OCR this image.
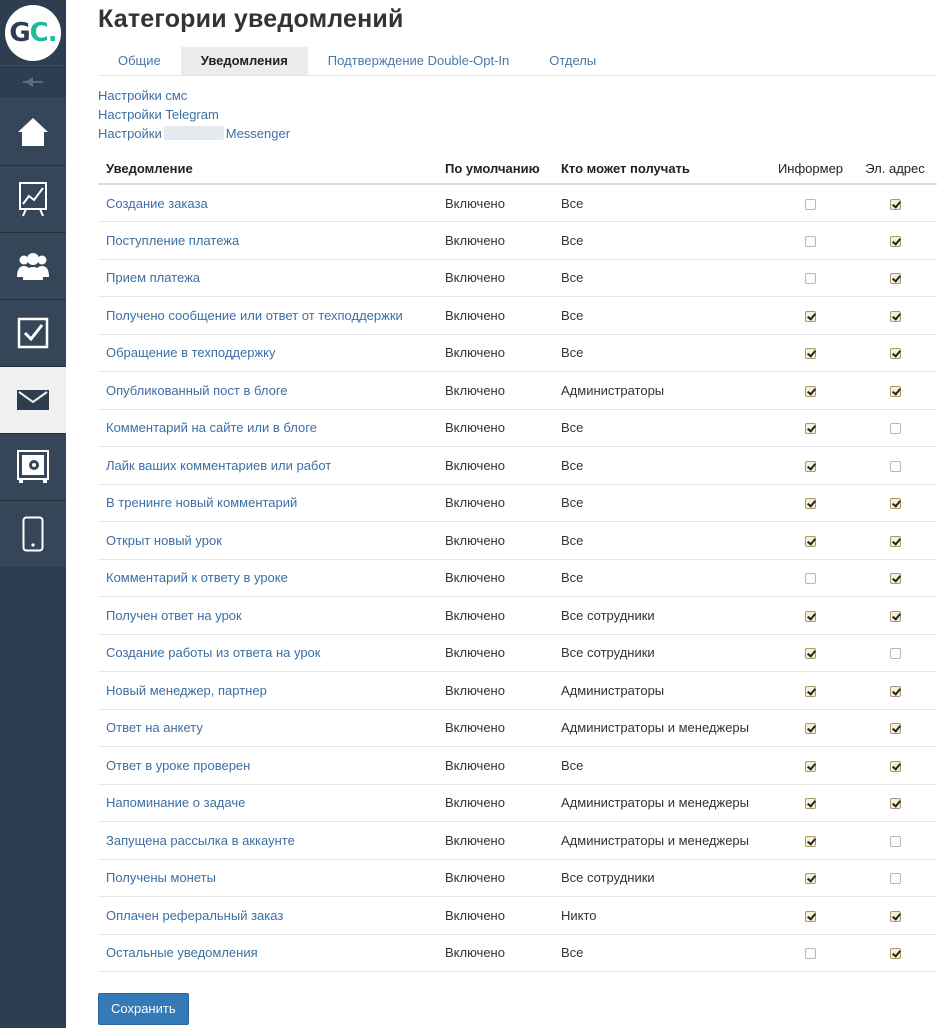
GC. Категории уведомлений
Общие	Уведомления	Подтверждение Double-Opt-In	Отделы
Настройки смс
Настройки Telegram
Настройки	Messenger
Уведомление	По умолчанию	Кто может получать	Информер	Эл. адрес
Создание заказа	Включено	Все		
Поступление платежа	Включено	Все		
Прием платежа	Включено	Все		
Получено сообщение или ответ от техподдержки	Включено	Все		
Обращение в техподдержку	Включено	Все		
Опубликованный пост в блоге	Включено	Администраторы		
Комментарий на сайте или в блоге	Включено	Все		
Лайк ваших комментариев или работ	Включено	Все		
В тренинге новый комментарий	Включено	Все		
Открыт новый урок	Включено	Все		
Комментарий к ответу в уроке	Включено	Все		
Получен ответ на урок	Включено	Все сотрудники		
Создание работы из ответа на урок	Включено	Все сотрудники		
Новый менеджер, партнер	Включено	Администраторы		
Ответ на анкету	Включено	Администраторы и менеджеры		
Ответ в уроке проверен	Включено	Все		
Напоминание о задаче	Включено	Администраторы и менеджеры		
Запущена рассылка в аккаунте	Включено	Администраторы и менеджеры		
Получены монеты	Включено	Все сотрудники		
Оплачен реферальный заказ	Включено	Никто		
Остальные уведомления	Включено	Все		
Сохранить
